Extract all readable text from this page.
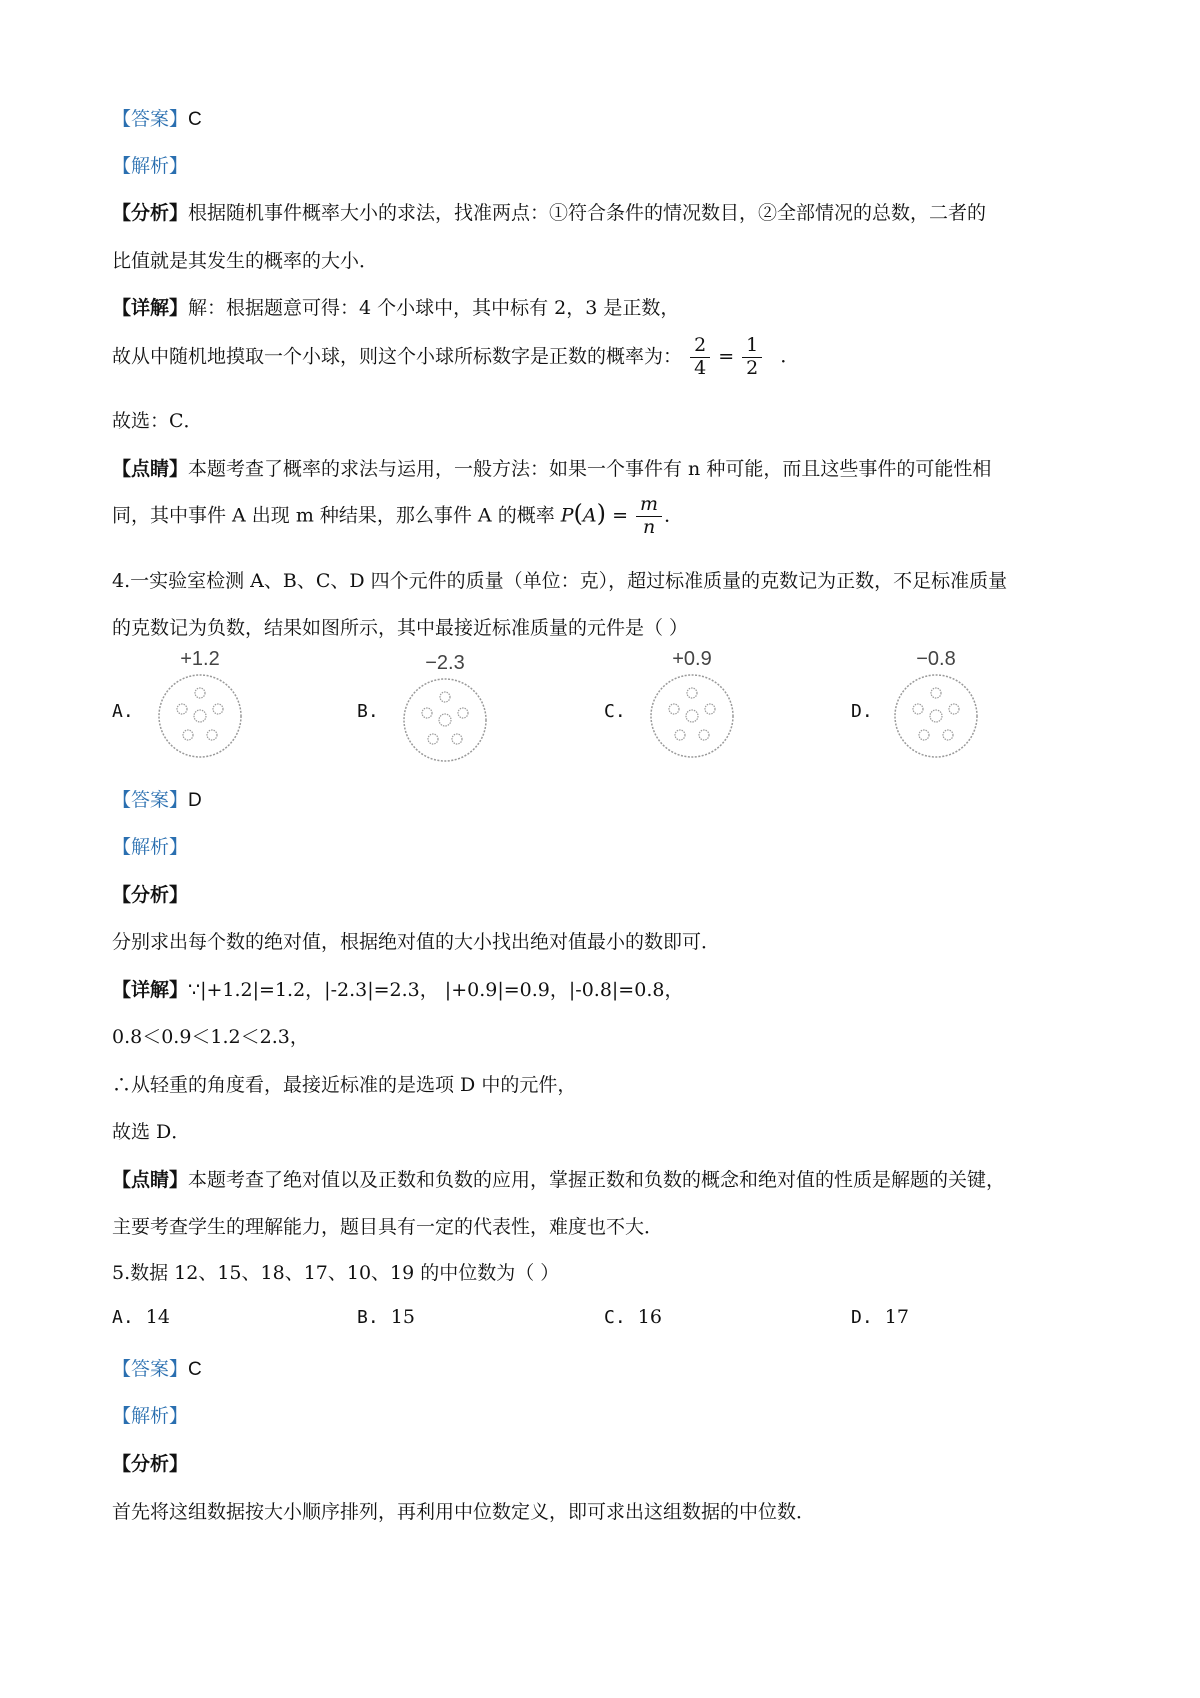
【答案】C
【解析】
【分析】根据随机事件概率大小的求法，找准两点：①符合条件的情况数目，②全部情况的总数，二者的
比值就是其发生的概率的大小．
【详解】解：根据题意可得：4 个小球中，其中标有 2，3 是正数，
故从中随机地摸取一个小球，则这个小球所标数字是正数的概率为： $\frac{2}{4} = \frac{1}{2}$ ．
故选：C．
【点睛】本题考查了概率的求法与运用，一般方法：如果一个事件有 n 种可能，而且这些事件的可能性相
同，其中事件 A 出现 m 种结果，那么事件 A 的概率 $P(A) = \frac{m}{n}$ ．
4.一实验室检测 A、B、C、D 四个元件的质量（单位：克），超过标准质量的克数记为正数，不足标准质量
的克数记为负数，结果如图所示，其中最接近标准质量的元件是（ ）
A.
+1.2
B.
−2.3
C.
+0.9
D.
−0.8
【答案】D
【解析】
【分析】
分别求出每个数的绝对值，根据绝对值的大小找出绝对值最小的数即可．
【详解】∵|+1.2|=1.2，|-2.3|=2.3， |+0.9|=0.9，|-0.8|=0.8，
0.8＜0.9＜1.2＜2.3，
∴从轻重的角度看，最接近标准的是选项 D 中的元件，
故选 D．
【点睛】本题考查了绝对值以及正数和负数的应用，掌握正数和负数的概念和绝对值的性质是解题的关键，
主要考查学生的理解能力，题目具有一定的代表性，难度也不大．
5.数据 12、15、18、17、10、19 的中位数为（ ）
A. 14	B. 15	C. 16	D. 17
【答案】C
【解析】
【分析】
首先将这组数据按大小顺序排列，再利用中位数定义，即可求出这组数据的中位数．
